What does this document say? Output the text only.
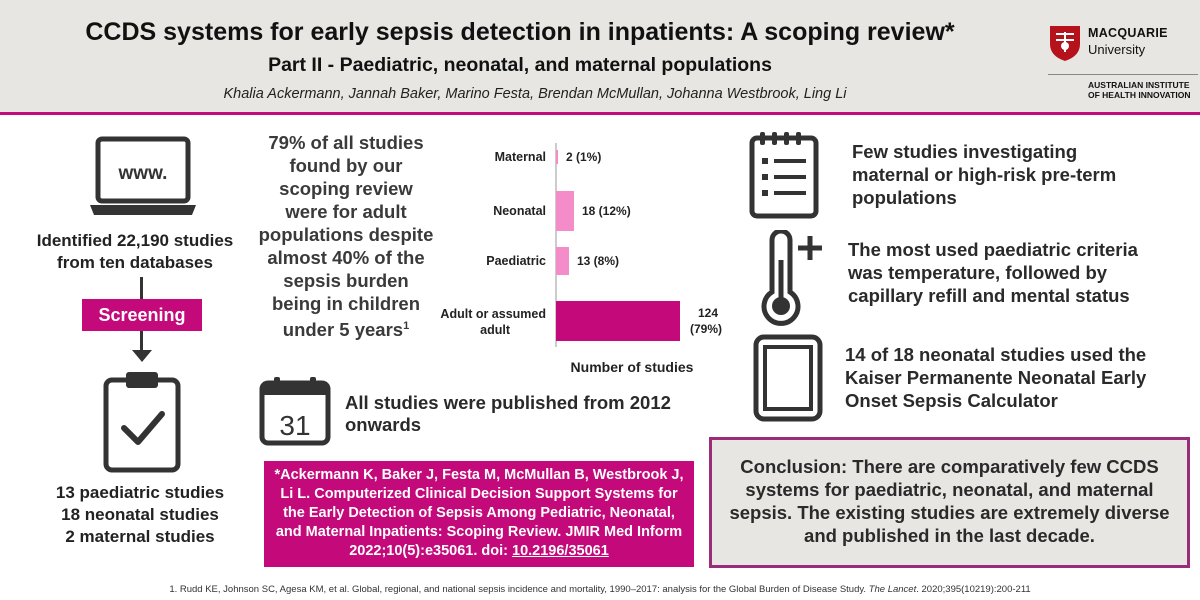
CCDS systems for early sepsis detection in inpatients: A scoping review*
Part II - Paediatric, neonatal, and maternal populations
Khalia Ackermann, Jannah Baker, Marino Festa, Brendan McMullan, Johanna Westbrook, Ling Li
MACQUARIE
University
AUSTRALIAN INSTITUTE
OF HEALTH INNOVATION
www.
Identified 22,190 studies
from ten databases
Screening
13 paediatric studies
18 neonatal studies
2 maternal studies
79% of all studies found by our scoping review were for adult populations despite almost 40% of the sepsis burden being in children under 5 years$^1$
Maternal 2 (1%)
Neonatal	18 (12%)
Paediatric	13 (8%)
Adult or assumed adult
124 (79%)
Number of studies
31
All studies were published from 2012 onwards
*Ackermann K, Baker J, Festa M, McMullan B, Westbrook J, Li L. Computerized Clinical Decision Support Systems for the Early Detection of Sepsis Among Pediatric, Neonatal, and Maternal Inpatients: Scoping Review. JMIR Med Inform 2022;10(5):e35061. doi: 10.2196/35061
Few studies investigating maternal or high-risk pre-term populations
The most used paediatric criteria was temperature, followed by capillary refill and mental status
14 of 18 neonatal studies used the Kaiser Permanente Neonatal Early Onset Sepsis Calculator
Conclusion: There are comparatively few CCDS systems for paediatric, neonatal, and maternal sepsis. The existing studies are extremely diverse and published in the last decade.
1. Rudd KE, Johnson SC, Agesa KM, et al. Global, regional, and national sepsis incidence and mortality, 1990–2017: analysis for the Global Burden of Disease Study. The Lancet. 2020;395(10219):200-211
